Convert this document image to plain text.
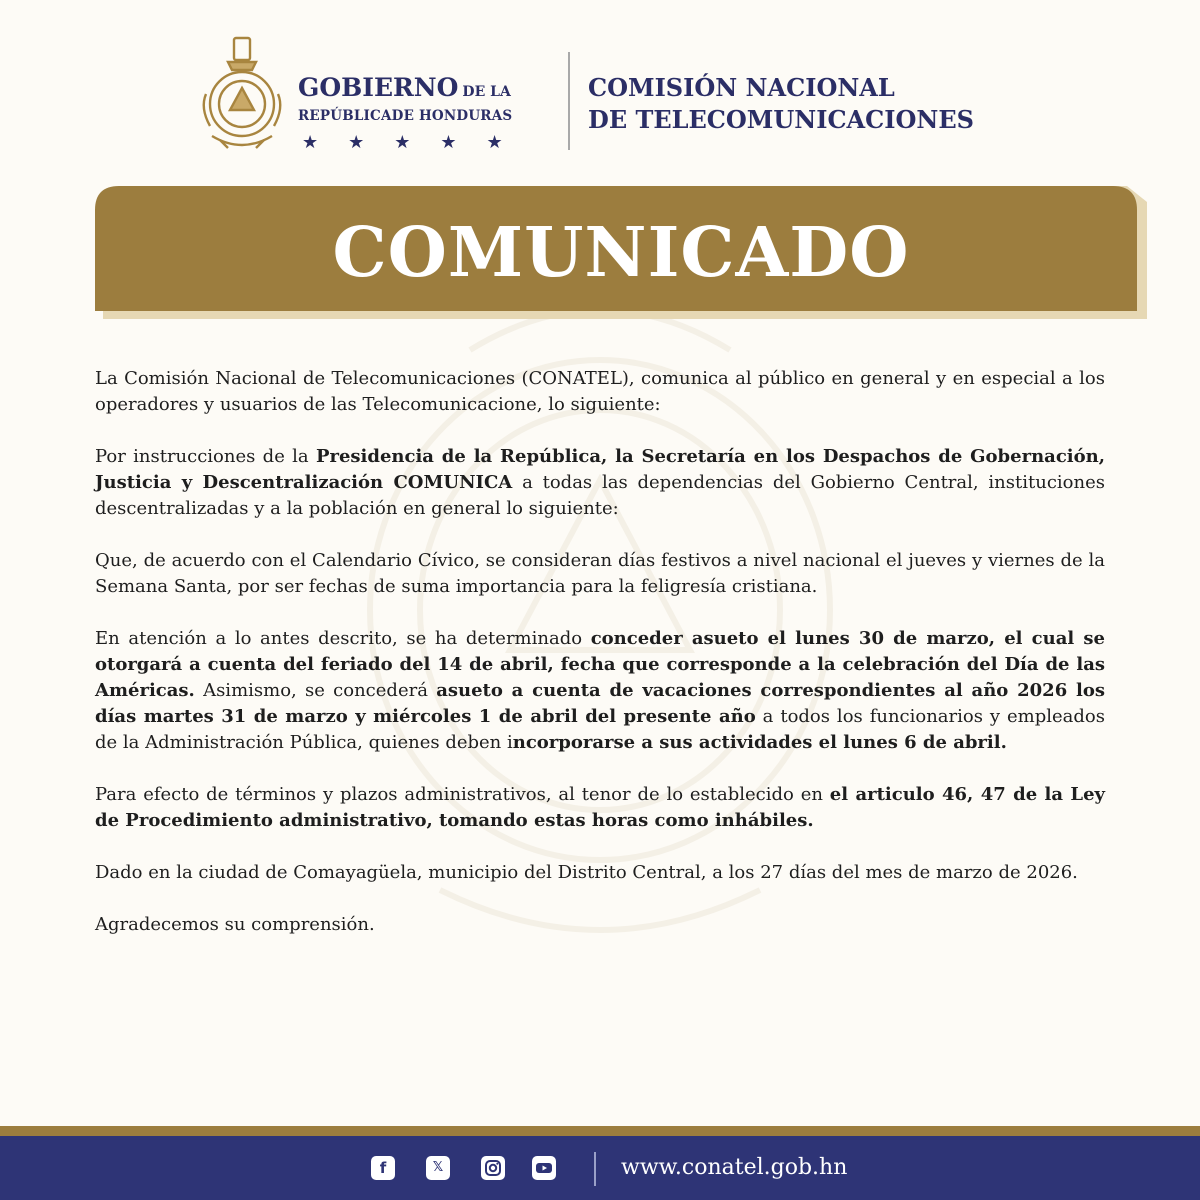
GOBIERNO DE LA
REPÚBLICADE HONDURAS
★★★★★
COMISIÓN NACIONAL
DE TELECOMUNICACIONES
COMUNICADO

La Comisión Nacional de Telecomunicaciones (CONATEL), comunica al público en general y en especial a los operadores y usuarios de las Telecomunicacione, lo siguiente:

Por instrucciones de la Presidencia de la República, la Secretaría en los Despachos de Gobernación, Justicia y Descentralización COMUNICA a todas las dependencias del Gobierno Central, instituciones descentralizadas y a la población en general lo siguiente:

Que, de acuerdo con el Calendario Cívico, se consideran días festivos a nivel nacional el jueves y viernes de la Semana Santa, por ser fechas de suma importancia para la feligresía cristiana.

En atención a lo antes descrito, se ha determinado conceder asueto el lunes 30 de marzo, el cual se otorgará a cuenta del feriado del 14 de abril, fecha que corresponde a la celebración del Día de las Américas. Asimismo, se concederá asueto a cuenta de vacaciones correspondientes al año 2026 los días martes 31 de marzo y miércoles 1 de abril del presente año a todos los funcionarios y empleados de la Administración Pública, quienes deben incorporarse a sus actividades el lunes 6 de abril.

Para efecto de términos y plazos administrativos, al tenor de lo establecido en el articulo 46, 47 de la Ley de Procedimiento administrativo, tomando estas horas como inhábiles.

Dado en la ciudad de Comayagüela, municipio del Distrito Central, a los 27 días del mes de marzo de 2026.

Agradecemos su comprensión.

f	𝕏	www.conatel.gob.hn
